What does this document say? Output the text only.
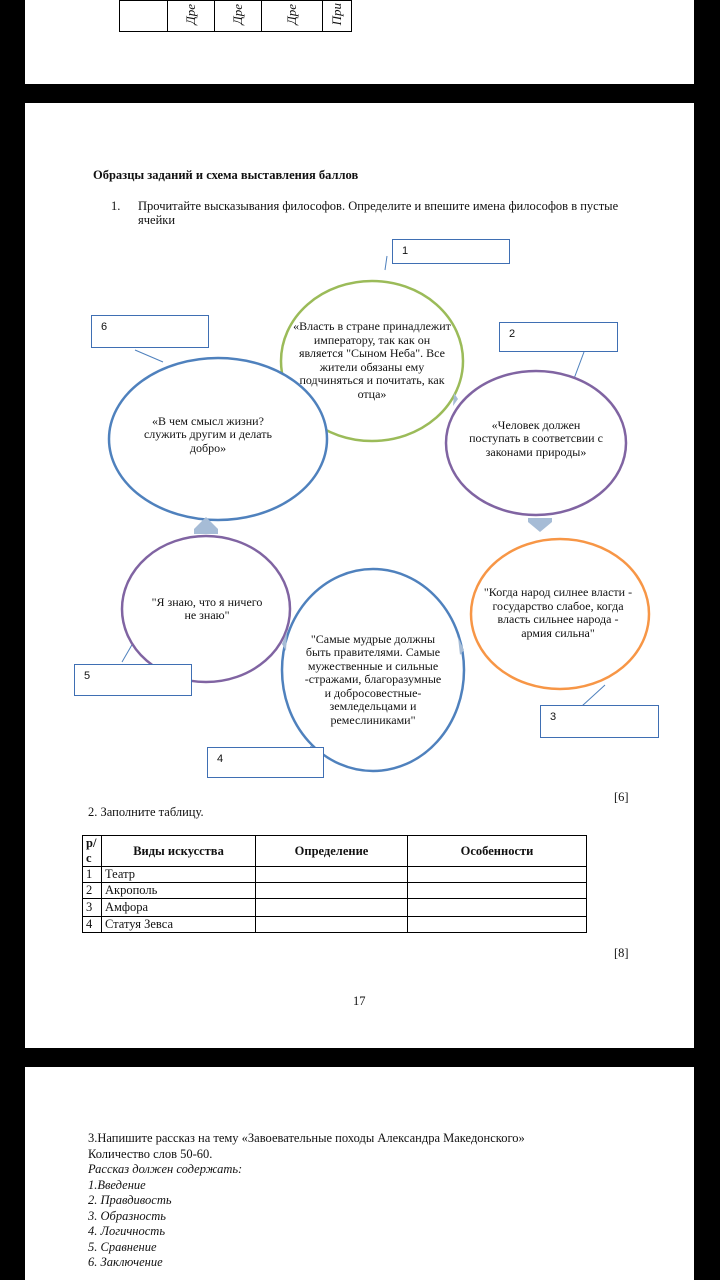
	Дре	Дре	Дре	При
Образцы заданий и схема выставления баллов
1. Прочитайте высказывания философов. Определите и впешите имена философов в пустые ячейки
«Власть в стране принадлежит императору, так как он является "Сыном Неба". Все жители обязаны ему подчиняться и почитать, как отца»
«Человек должен поступать в соответсвии с законами природы»
"Когда народ силнее власти - государство слабое, когда власть сильнее народа - армия сильна"
"Самые мудрые должны быть правителями. Самые мужественные и сильные -стражами, благоразумные и добросовестные-земледельцами и ремеслиниками"
"Я знаю, что я ничего не знаю"
«В чем смысл жизни? служить другим и делать добро»
1
2
3
4
5
6
[6]
2. Заполните таблицу.
р/с	Виды искусства	Определение	Особенности
1	Театр		
2	Акрополь		
3	Амфора		
4	Статуя Зевса		
[8]
17
3.Напишите рассказ на тему «Завоевательные походы Александра Македонского»
Количество слов 50-60.
Рассказ должен содержать:
1.Введение
2. Правдивость
3. Образность
4. Логичность
5. Сравнение
6. Заключение
